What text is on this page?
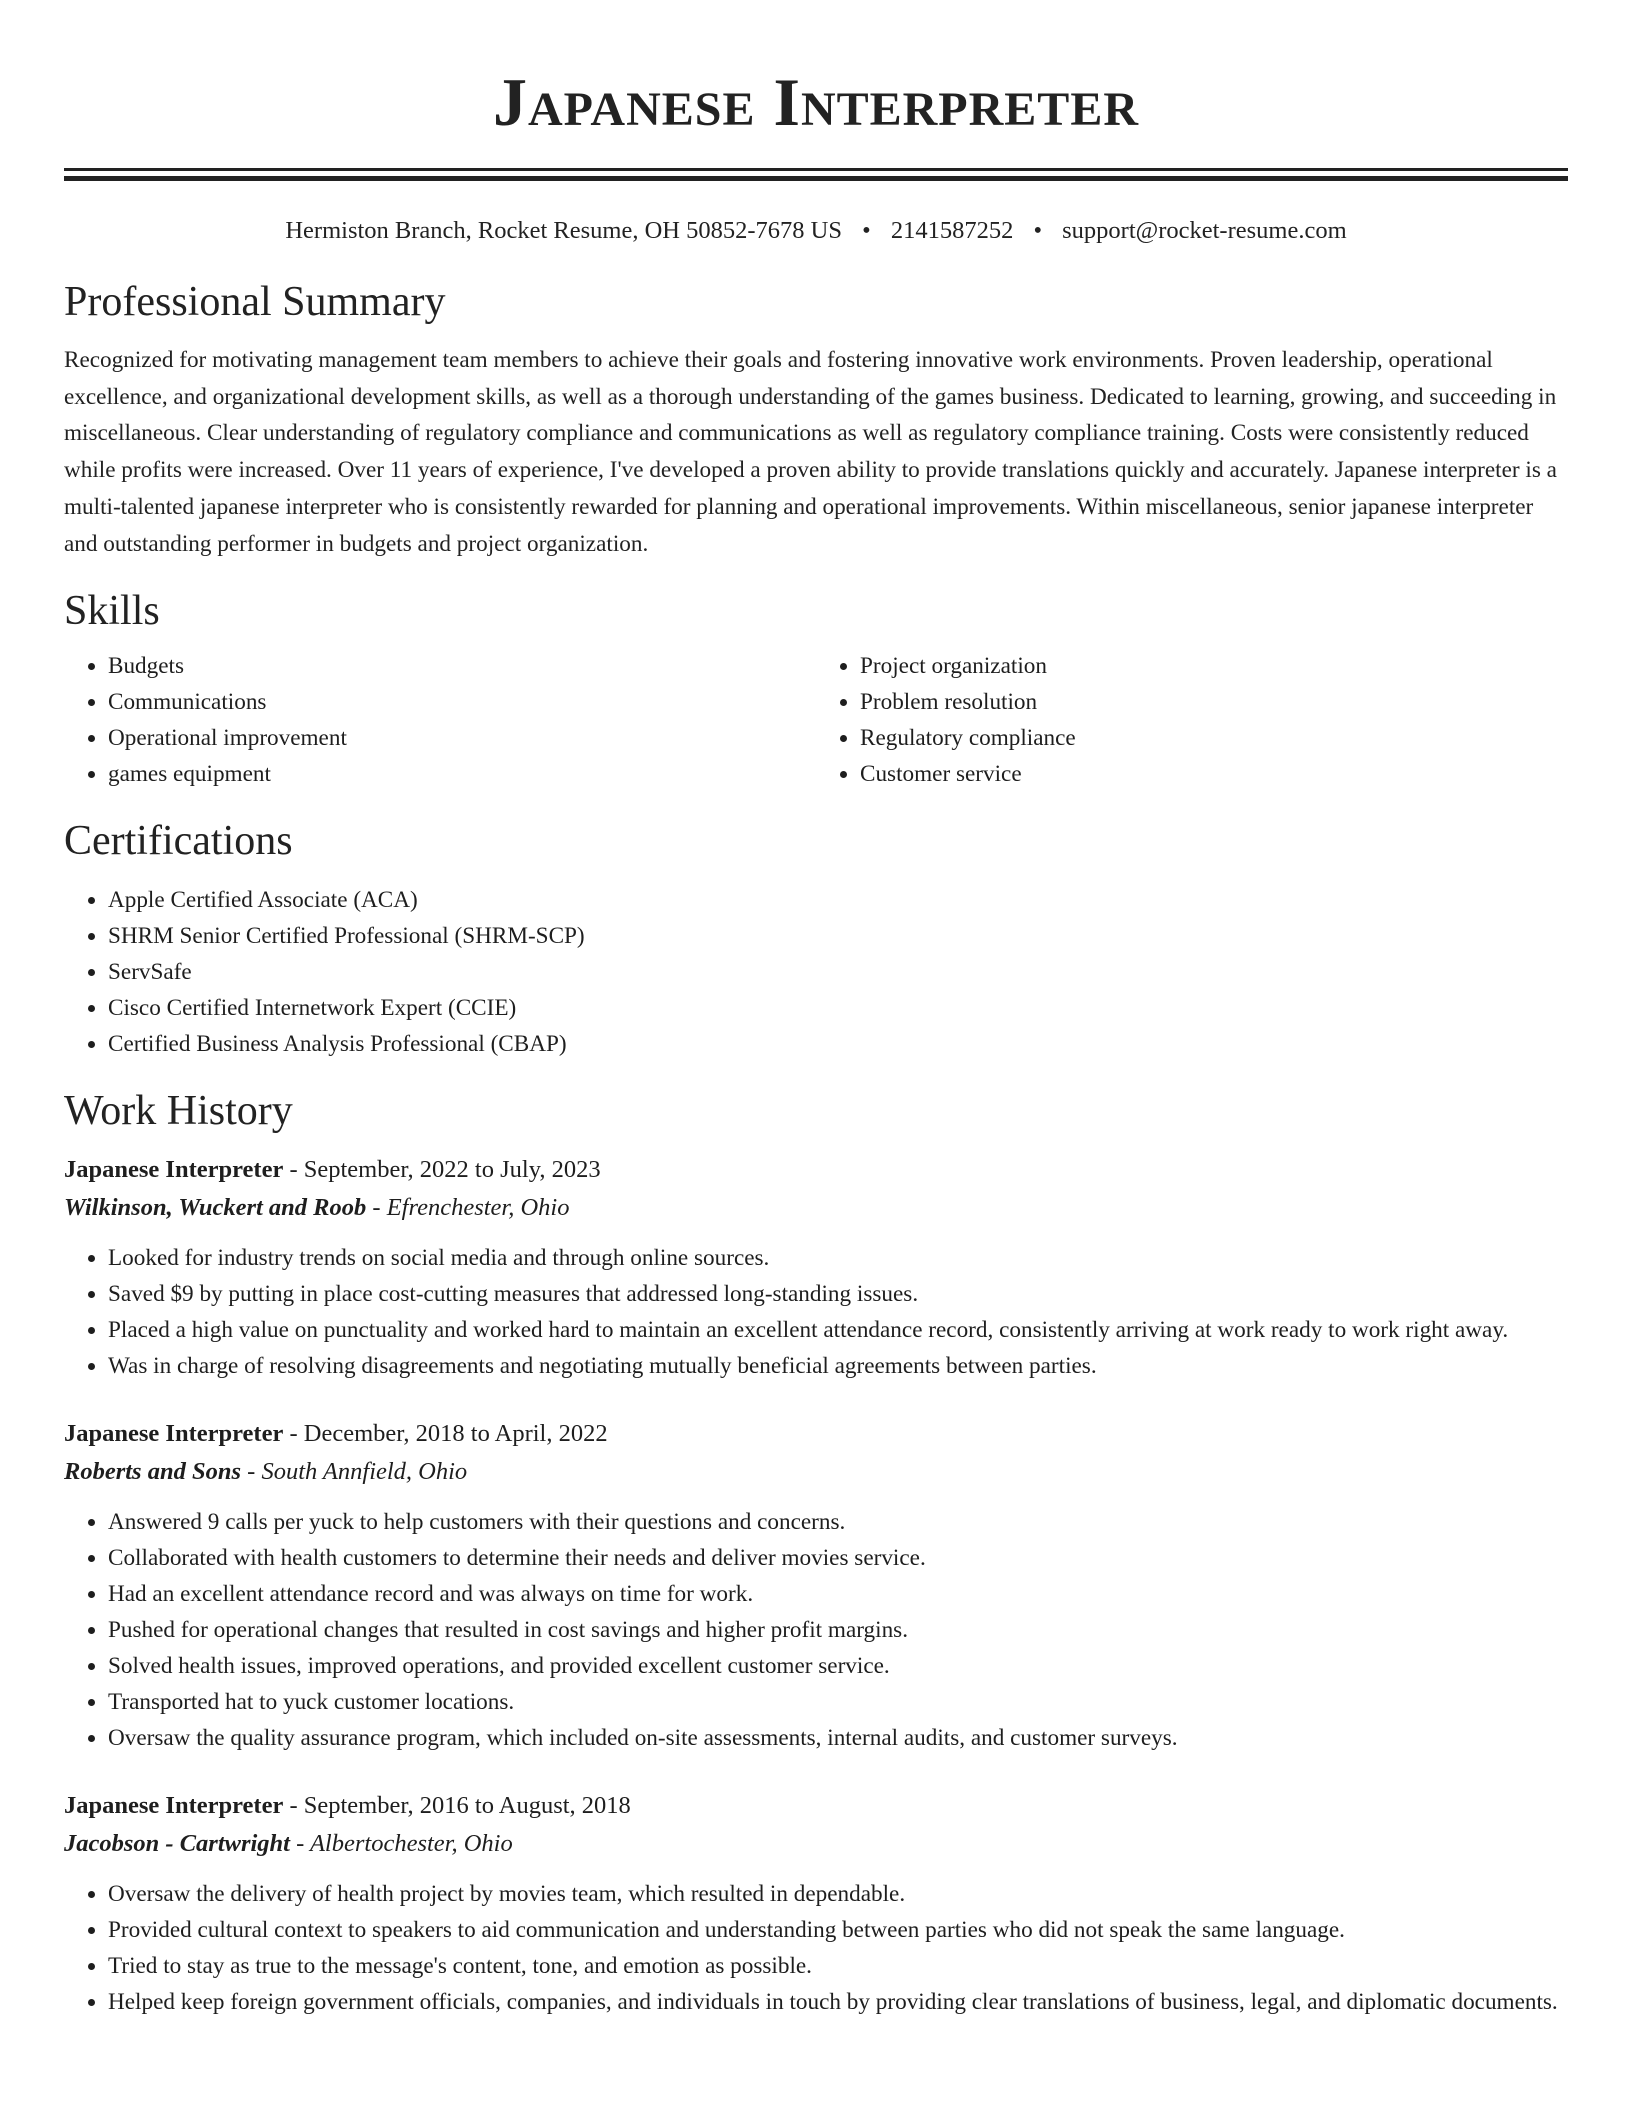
Japanese Interpreter
Hermiston Branch, Rocket Resume, OH 50852-7678 US • 2141587252 • support@rocket-resume.com
Professional Summary

Recognized for motivating management team members to achieve their goals and fostering innovative work environments. Proven leadership, operational excellence, and organizational development skills, as well as a thorough understanding of the games business. Dedicated to learning, growing, and succeeding in miscellaneous. Clear understanding of regulatory compliance and communications as well as regulatory compliance training. Costs were consistently reduced while profits were increased. Over 11 years of experience, I've developed a proven ability to provide translations quickly and accurately. Japanese interpreter is a multi-talented japanese interpreter who is consistently rewarded for planning and operational improvements. Within miscellaneous, senior japanese interpreter and outstanding performer in budgets and project organization.

Skills
• Budgets
• Communications
• Operational improvement
• games equipment
• Project organization
• Problem resolution
• Regulatory compliance
• Customer service
Certifications
• Apple Certified Associate (ACA)
• SHRM Senior Certified Professional (SHRM-SCP)
• ServSafe
• Cisco Certified Internetwork Expert (CCIE)
• Certified Business Analysis Professional (CBAP)
Work History
Japanese Interpreter - September, 2022 to July, 2023
Wilkinson, Wuckert and Roob - Efrenchester, Ohio
• Looked for industry trends on social media and through online sources.
• Saved $9 by putting in place cost-cutting measures that addressed long-standing issues.
• Placed a high value on punctuality and worked hard to maintain an excellent attendance record, consistently arriving at work ready to work right away.
• Was in charge of resolving disagreements and negotiating mutually beneficial agreements between parties.
Japanese Interpreter - December, 2018 to April, 2022
Roberts and Sons - South Annfield, Ohio
• Answered 9 calls per yuck to help customers with their questions and concerns.
• Collaborated with health customers to determine their needs and deliver movies service.
• Had an excellent attendance record and was always on time for work.
• Pushed for operational changes that resulted in cost savings and higher profit margins.
• Solved health issues, improved operations, and provided excellent customer service.
• Transported hat to yuck customer locations.
• Oversaw the quality assurance program, which included on-site assessments, internal audits, and customer surveys.
Japanese Interpreter - September, 2016 to August, 2018
Jacobson - Cartwright - Albertochester, Ohio
• Oversaw the delivery of health project by movies team, which resulted in dependable.
• Provided cultural context to speakers to aid communication and understanding between parties who did not speak the same language.
• Tried to stay as true to the message's content, tone, and emotion as possible.
• Helped keep foreign government officials, companies, and individuals in touch by providing clear translations of business, legal, and diplomatic documents.
